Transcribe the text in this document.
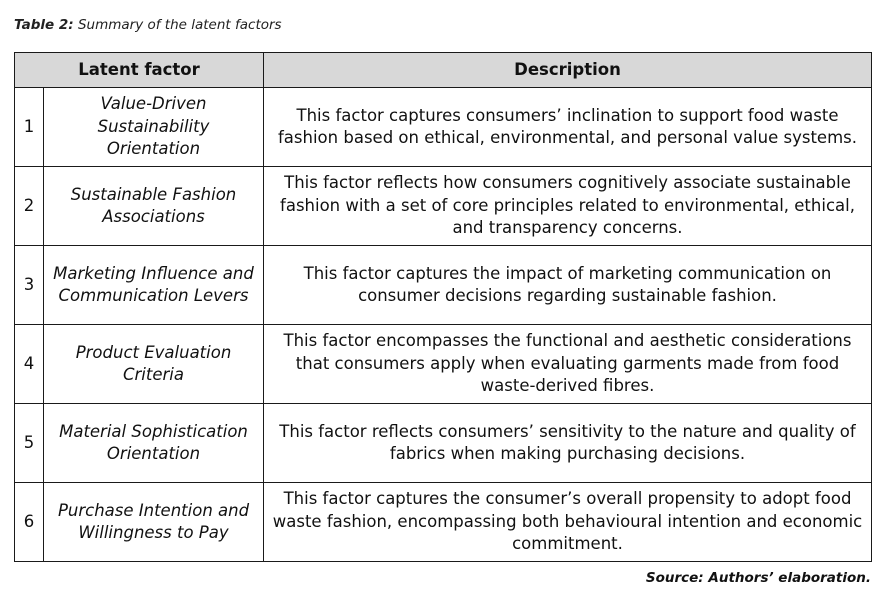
Table 2: Summary of the latent factors
Latent factor		Description
1	Value-Driven Sustainability Orientation	This factor captures consumers’ inclination to support food waste fashion based on ethical, environmental, and personal value systems.
2	Sustainable Fashion Associations	This factor reflects how consumers cognitively associate sustainable fashion with a set of core principles related to environmental, ethical, and transparency concerns.
3	Marketing Influence and Communication Levers	This factor captures the impact of marketing communication on consumer decisions regarding sustainable fashion.
4	Product Evaluation Criteria	This factor encompasses the functional and aesthetic considerations that consumers apply when evaluating garments made from food waste-derived fibres.
5	Material Sophistication Orientation	This factor reflects consumers’ sensitivity to the nature and quality of fabrics when making purchasing decisions.
6	Purchase Intention and Willingness to Pay	This factor captures the consumer’s overall propensity to adopt food waste fashion, encompassing both behavioural intention and economic commitment.
Source: Authors’ elaboration.
